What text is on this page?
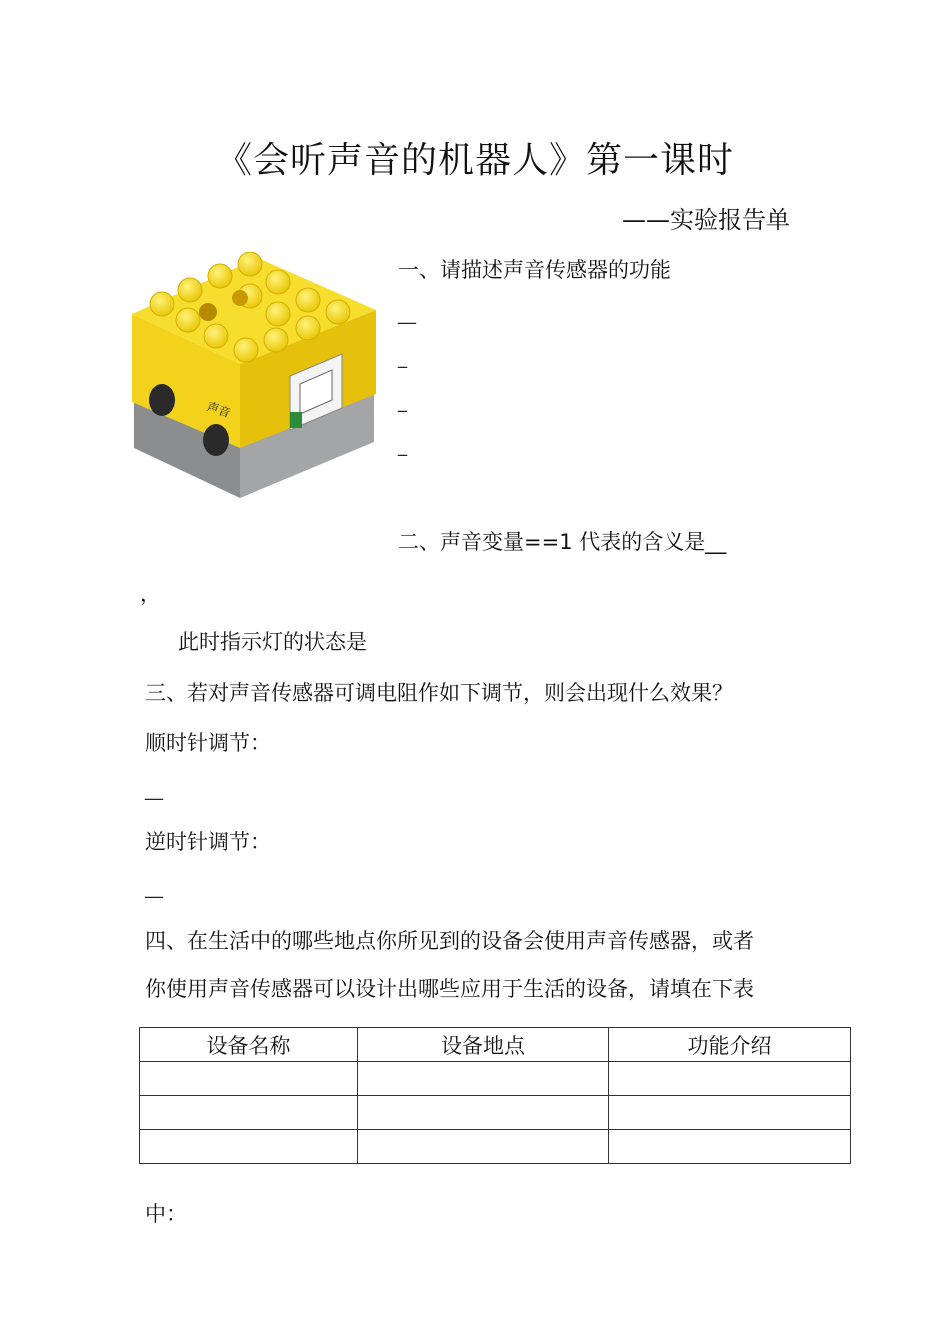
《会听声音的机器人》第一课时
——实验报告单
声音
一、请描述声音传感器的功能
__
_
_
_
二、声音变量==1 代表的含义是__
，
此时指示灯的状态是
三、若对声音传感器可调电阻作如下调节，则会出现什么效果？
顺时针调节：
__
逆时针调节：
__
四、在生活中的哪些地点你所见到的设备会使用声音传感器，或者
你使用声音传感器可以设计出哪些应用于生活的设备，请填在下表
设备名称	设备地点	功能介绍

中：
